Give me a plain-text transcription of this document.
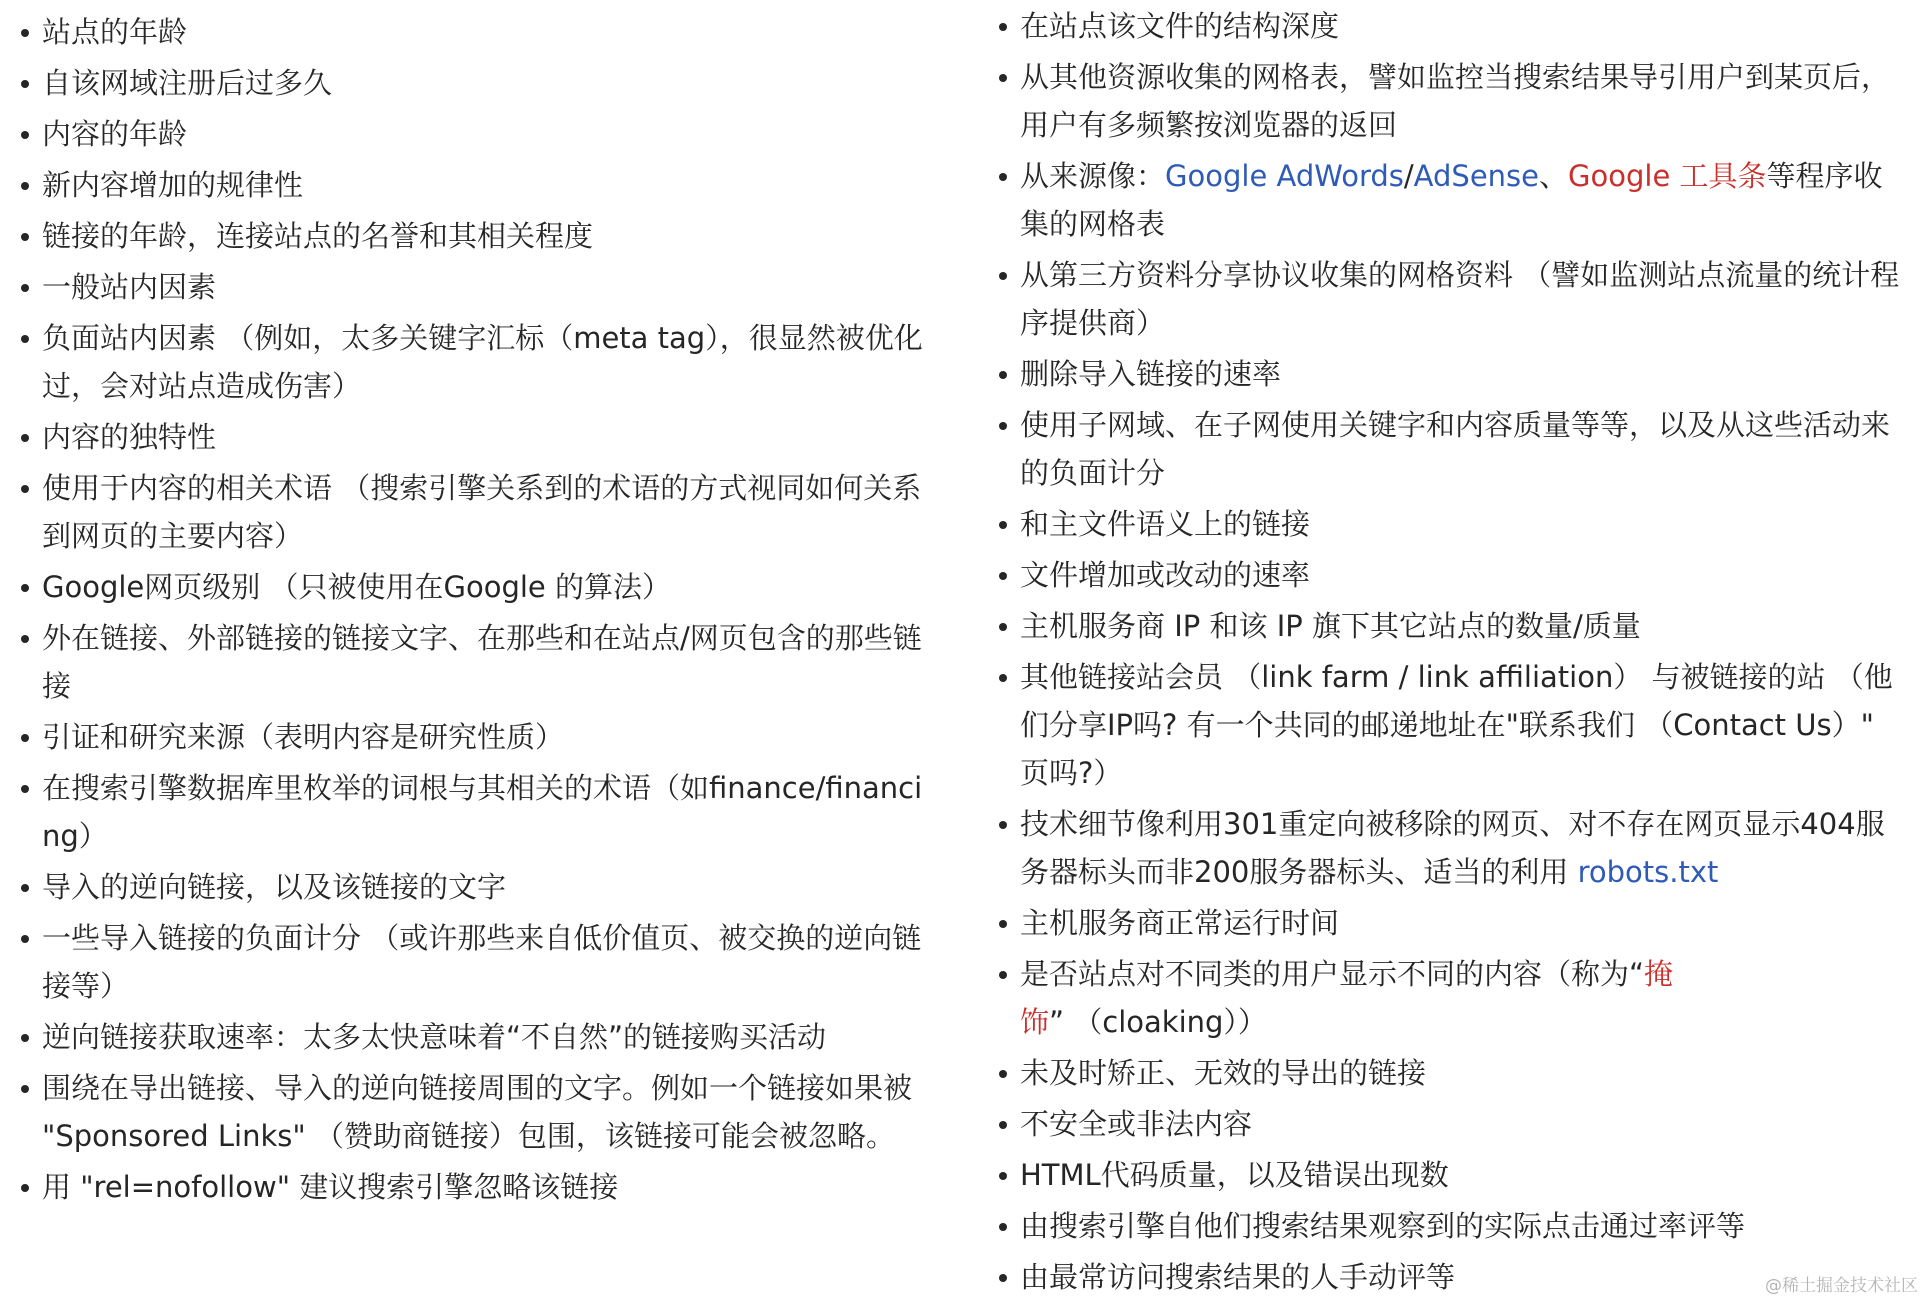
站点的年龄
自该网域注册后过多久
内容的年龄
新内容增加的规律性
链接的年龄，连接站点的名誉和其相关程度
一般站内因素
负面站内因素 （例如，太多关键字汇标（meta tag），很显然被优化过，会对站点造成伤害）
内容的独特性
使用于内容的相关术语 （搜索引擎关系到的术语的方式视同如何关系到网页的主要内容）
Google网页级别 （只被使用在Google 的算法）
外在链接、外部链接的链接文字、在那些和在站点/网页包含的那些链接
引证和研究来源（表明内容是研究性质）
在搜索引擎数据库里枚举的词根与其相关的术语（如finance/financing）
导入的逆向链接，以及该链接的文字
一些导入链接的负面计分 （或许那些来自低价值页、被交换的逆向链接等）
逆向链接获取速率：太多太快意味着“不自然”的链接购买活动
围绕在导出链接、导入的逆向链接周围的文字。例如一个链接如果被 "Sponsored Links" （赞助商链接）包围，该链接可能会被忽略。
用 "rel=nofollow" 建议搜索引擎忽略该链接
在站点该文件的结构深度
从其他资源收集的网格表，譬如监控当搜索结果导引用户到某页后，用户有多频繁按浏览器的返回
从来源像：Google AdWords/AdSense、Google 工具条等程序收集的网格表
从第三方资料分享协议收集的网格资料 （譬如监测站点流量的统计程序提供商）
删除导入链接的速率
使用子网域、在子网使用关键字和内容质量等等，以及从这些活动来的负面计分
和主文件语义上的链接
文件增加或改动的速率
主机服务商 IP 和该 IP 旗下其它站点的数量/质量
其他链接站会员 （link farm / link affiliation） 与被链接的站 （他们分享IP吗? 有一个共同的邮递地址在"联系我们 （Contact Us）" 页吗?）
技术细节像利用301重定向被移除的网页、对不存在网页显示404服务器标头而非200服务器标头、适当的利用 robots.txt
主机服务商正常运行时间
是否站点对不同类的用户显示不同的内容（称为“掩饰” （cloaking））
未及时矫正、无效的导出的链接
不安全或非法内容
HTML代码质量，以及错误出现数
由搜索引擎自他们搜索结果观察到的实际点击通过率评等
由最常访问搜索结果的人手动评等	@稀土掘金技术社区
